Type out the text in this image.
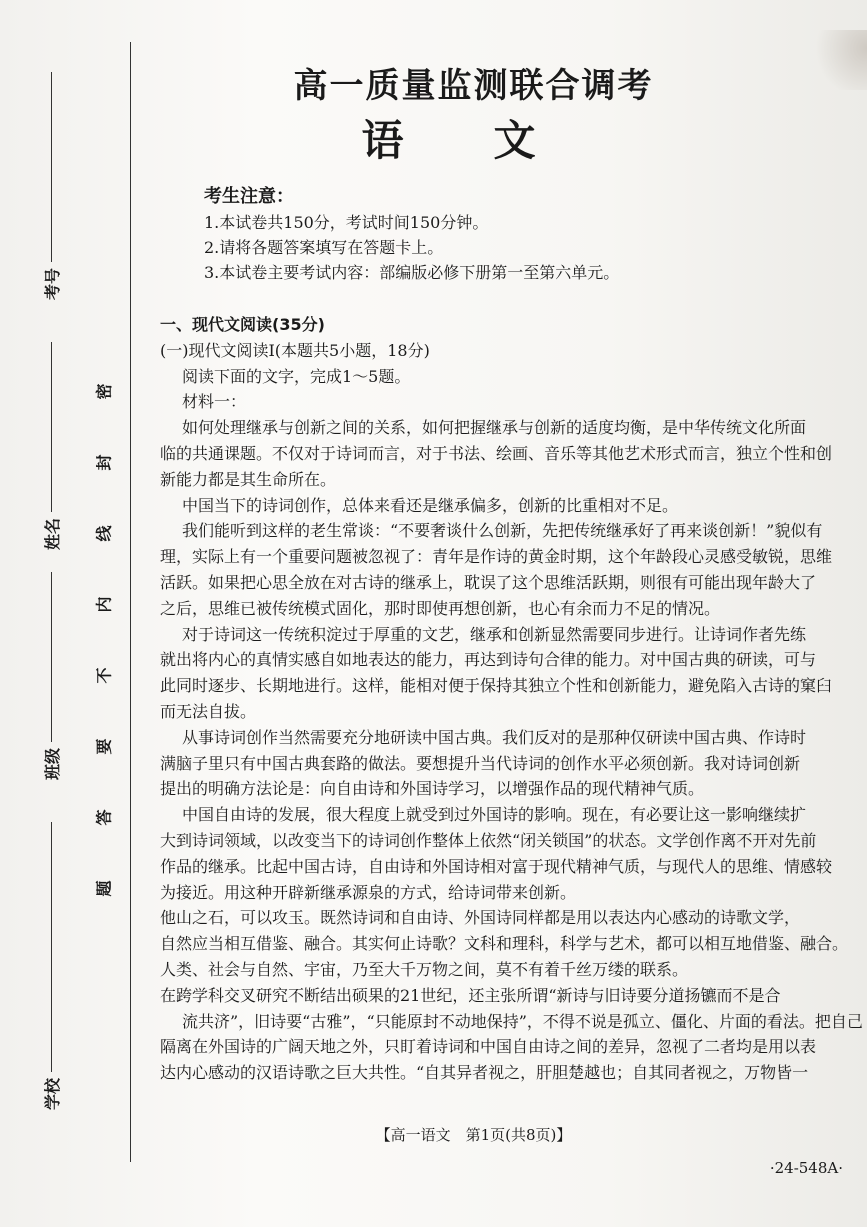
考号
姓名
班级
学校
密
封
线
内
不
要
答
题
高一质量监测联合调考
语文
考生注意：
1.本试卷共150分，考试时间150分钟。
2.请将各题答案填写在答题卡上。
3.本试卷主要考试内容：部编版必修下册第一至第六单元。

一、现代文阅读(35分)

(一)现代文阅读Ⅰ(本题共5小题，18分)

阅读下面的文字，完成1～5题。

材料一：

如何处理继承与创新之间的关系，如何把握继承与创新的适度均衡，是中华传统文化所面

临的共通课题。不仅对于诗词而言，对于书法、绘画、音乐等其他艺术形式而言，独立个性和创

新能力都是其生命所在。

中国当下的诗词创作，总体来看还是继承偏多，创新的比重相对不足。

我们能听到这样的老生常谈：“不要奢谈什么创新，先把传统继承好了再来谈创新！”貌似有

理，实际上有一个重要问题被忽视了：青年是作诗的黄金时期，这个年龄段心灵感受敏锐，思维

活跃。如果把心思全放在对古诗的继承上，耽误了这个思维活跃期，则很有可能出现年龄大了

之后，思维已被传统模式固化，那时即使再想创新，也心有余而力不足的情况。

对于诗词这一传统积淀过于厚重的文艺，继承和创新显然需要同步进行。让诗词作者先练

就出将内心的真情实感自如地表达的能力，再达到诗句合律的能力。对中国古典的研读，可与

此同时逐步、长期地进行。这样，能相对便于保持其独立个性和创新能力，避免陷入古诗的窠臼

而无法自拔。

从事诗词创作当然需要充分地研读中国古典。我们反对的是那种仅研读中国古典、作诗时

满脑子里只有中国古典套路的做法。要想提升当代诗词的创作水平必须创新。我对诗词创新

提出的明确方法论是：向自由诗和外国诗学习，以增强作品的现代精神气质。

中国自由诗的发展，很大程度上就受到过外国诗的影响。现在，有必要让这一影响继续扩

大到诗词领域，以改变当下的诗词创作整体上依然“闭关锁国”的状态。文学创作离不开对先前

作品的继承。比起中国古诗，自由诗和外国诗相对富于现代精神气质，与现代人的思维、情感较

为接近。用这种开辟新继承源泉的方式，给诗词带来创新。

他山之石，可以攻玉。既然诗词和自由诗、外国诗同样都是用以表达内心感动的诗歌文学，

自然应当相互借鉴、融合。其实何止诗歌？文科和理科，科学与艺术，都可以相互地借鉴、融合。

人类、社会与自然、宇宙，乃至大千万物之间，莫不有着千丝万缕的联系。

在跨学科交叉研究不断结出硕果的21世纪，还主张所谓“新诗与旧诗要分道扬镳而不是合

流共济”，旧诗要“古雅”，“只能原封不动地保持”，不得不说是孤立、僵化、片面的看法。把自己

隔离在外国诗的广阔天地之外，只盯着诗词和中国自由诗之间的差异，忽视了二者均是用以表

达内心感动的汉语诗歌之巨大共性。“自其异者视之，肝胆楚越也；自其同者视之，万物皆一

【高一语文　第1页(共8页)】
·24-548A·
